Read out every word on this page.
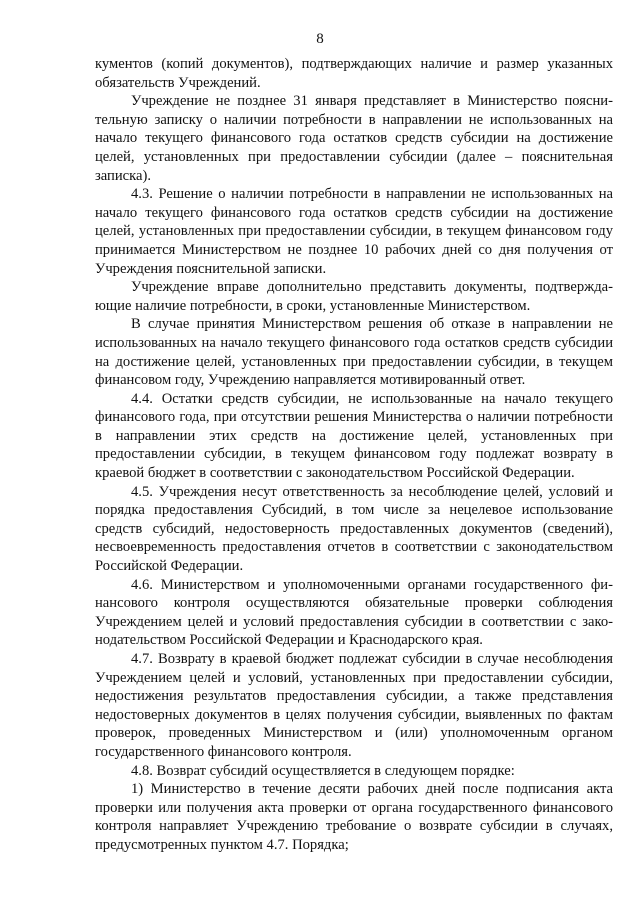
8

кументов (копий документов), подтверждающих наличие и размер указанных обязательств Учреждений.

Учреждение не позднее 31 января представляет в Министерство пояснительную записку о наличии потребности в направлении не использованных на начало текущего финансового года остатков средств субсидии на достижение целей, установленных при предоставлении субсидии (далее – пояснительная записка).

4.3. Решение о наличии потребности в направлении не использованных на начало текущего финансового года остатков средств субсидии на достижение целей, установленных при предоставлении субсидии, в текущем финансовом году принимается Министерством не позднее 10 рабочих дней со дня получения от Учреждения пояснительной записки.

Учреждение вправе дополнительно представить документы, подтверждающие наличие потребности, в сроки, установленные Министерством.

В случае принятия Министерством решения об отказе в направлении не использованных на начало текущего финансового года остатков средств субсидии на достижение целей, установленных при предоставлении субсидии, в текущем финансовом году, Учреждению направляется мотивированный ответ.

4.4. Остатки средств субсидии, не использованные на начало текущего финансового года, при отсутствии решения Министерства о наличии потребности в направлении этих средств на достижение целей, установленных при предоставлении субсидии, в текущем финансовом году подлежат возврату в краевой бюджет в соответствии с законодательством Российской Федерации.

4.5. Учреждения несут ответственность за несоблюдение целей, условий и порядка предоставления Субсидий, в том числе за нецелевое использование средств субсидий, недостоверность предоставленных документов (сведений), несвоевременность предоставления отчетов в соответствии с законодательством Российской Федерации.

4.6. Министерством и уполномоченными органами государственного финансового контроля осуществляются обязательные проверки соблюдения Учреждением целей и условий предоставления субсидии в соответствии с законодательством Российской Федерации и Краснодарского края.

4.7. Возврату в краевой бюджет подлежат субсидии в случае несоблюдения Учреждением целей и условий, установленных при предоставлении субсидии, недостижения результатов предоставления субсидии, а также представления недостоверных документов в целях получения субсидии, выявленных по фактам проверок, проведенных Министерством и (или) уполномоченным органом государственного финансового контроля.

4.8. Возврат субсидий осуществляется в следующем порядке:

1) Министерство в течение десяти рабочих дней после подписания акта проверки или получения акта проверки от органа государственного финансового контроля направляет Учреждению требование о возврате субсидии в случаях, предусмотренных пунктом 4.7. Порядка;
